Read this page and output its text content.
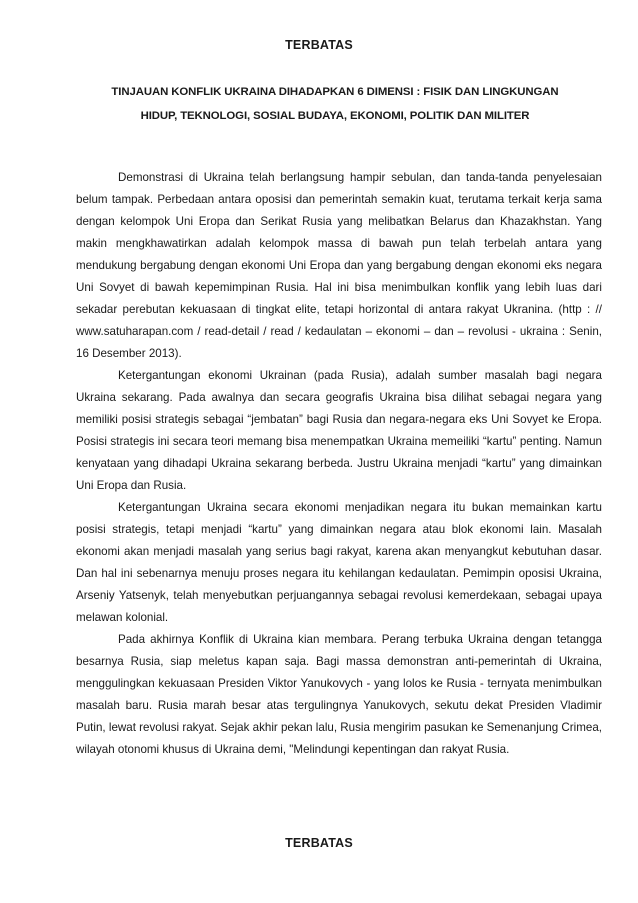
TERBATAS
TINJAUAN KONFLIK UKRAINA DIHADAPKAN 6 DIMENSI : FISIK DAN LINGKUNGAN
HIDUP, TEKNOLOGI, SOSIAL BUDAYA, EKONOMI, POLITIK DAN MILITER

Demonstrasi di Ukraina telah berlangsung hampir sebulan, dan tanda-tanda penyelesaian belum tampak. Perbedaan antara oposisi dan pemerintah semakin kuat, terutama terkait kerja sama dengan kelompok Uni Eropa dan Serikat Rusia yang melibatkan Belarus dan Khazakhstan. Yang makin mengkhawatirkan adalah kelompok massa di bawah pun telah terbelah antara yang mendukung bergabung dengan ekonomi Uni Eropa dan yang bergabung dengan ekonomi eks negara Uni Sovyet di bawah kepemimpinan Rusia. Hal ini bisa menimbulkan konflik yang lebih luas dari sekadar perebutan kekuasaan di tingkat elite, tetapi horizontal di antara rakyat Ukranina. (http : // www.satuharapan.com / read-detail / read / kedaulatan – ekonomi – dan – revolusi - ukraina : Senin, 16 Desember 2013).

Ketergantungan ekonomi Ukrainan (pada Rusia), adalah sumber masalah bagi negara Ukraina sekarang. Pada awalnya dan secara geografis Ukraina bisa dilihat sebagai negara yang memiliki posisi strategis sebagai “jembatan” bagi Rusia dan negara-negara eks Uni Sovyet ke Eropa. Posisi strategis ini secara teori memang bisa menempatkan Ukraina memeiliki “kartu” penting. Namun kenyataan yang dihadapi Ukraina sekarang berbeda. Justru Ukraina menjadi “kartu” yang dimainkan Uni Eropa dan Rusia.

Ketergantungan Ukraina secara ekonomi menjadikan negara itu bukan memainkan kartu posisi strategis, tetapi menjadi “kartu” yang dimainkan negara atau blok ekonomi lain. Masalah ekonomi akan menjadi masalah yang serius bagi rakyat, karena akan menyangkut kebutuhan dasar. Dan hal ini sebenarnya menuju proses negara itu kehilangan kedaulatan. Pemimpin oposisi Ukraina, Arseniy Yatsenyk, telah menyebutkan perjuangannya sebagai revolusi kemerdekaan, sebagai upaya melawan kolonial.

Pada akhirnya Konflik di Ukraina kian membara. Perang terbuka Ukraina dengan tetangga besarnya Rusia, siap meletus kapan saja. Bagi massa demonstran anti-pemerintah di Ukraina, menggulingkan kekuasaan Presiden Viktor Yanukovych - yang lolos ke Rusia - ternyata menimbulkan masalah baru. Rusia marah besar atas tergulingnya Yanukovych, sekutu dekat Presiden Vladimir Putin, lewat revolusi rakyat. Sejak akhir pekan lalu, Rusia mengirim pasukan ke Semenanjung Crimea, wilayah otonomi khusus di Ukraina demi, "Melindungi kepentingan dan rakyat Rusia.

TERBATAS
